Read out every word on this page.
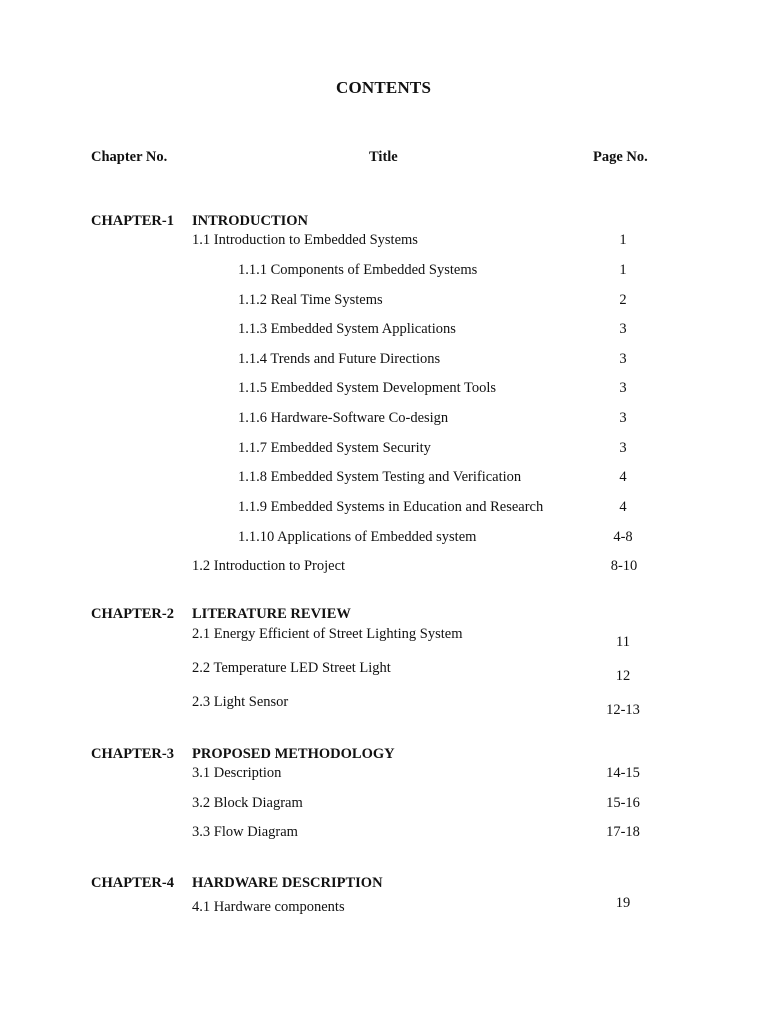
CONTENTS
Chapter No.	Title	Page No.
CHAPTER-1 INTRODUCTION
1.1 Introduction to Embedded Systems	1
1.1.1 Components of Embedded Systems	1
1.1.2 Real Time Systems	2
1.1.3 Embedded System Applications	3
1.1.4 Trends and Future Directions	3
1.1.5 Embedded System Development Tools	3
1.1.6 Hardware-Software Co-design	3
1.1.7 Embedded System Security	3
1.1.8 Embedded System Testing and Verification	4
1.1.9 Embedded Systems in Education and Research	4
1.1.10 Applications of Embedded system	4-8
1.2 Introduction to Project	8-10
CHAPTER-2 LITERATURE REVIEW
2.1 Energy Efficient of Street Lighting System	11
2.2 Temperature LED Street Light	12
2.3 Light Sensor	12-13
CHAPTER-3 PROPOSED METHODOLOGY
3.1 Description	14-15
3.2 Block Diagram	15-16
3.3 Flow Diagram	17-18
CHAPTER-4 HARDWARE DESCRIPTION
4.1 Hardware components	19
